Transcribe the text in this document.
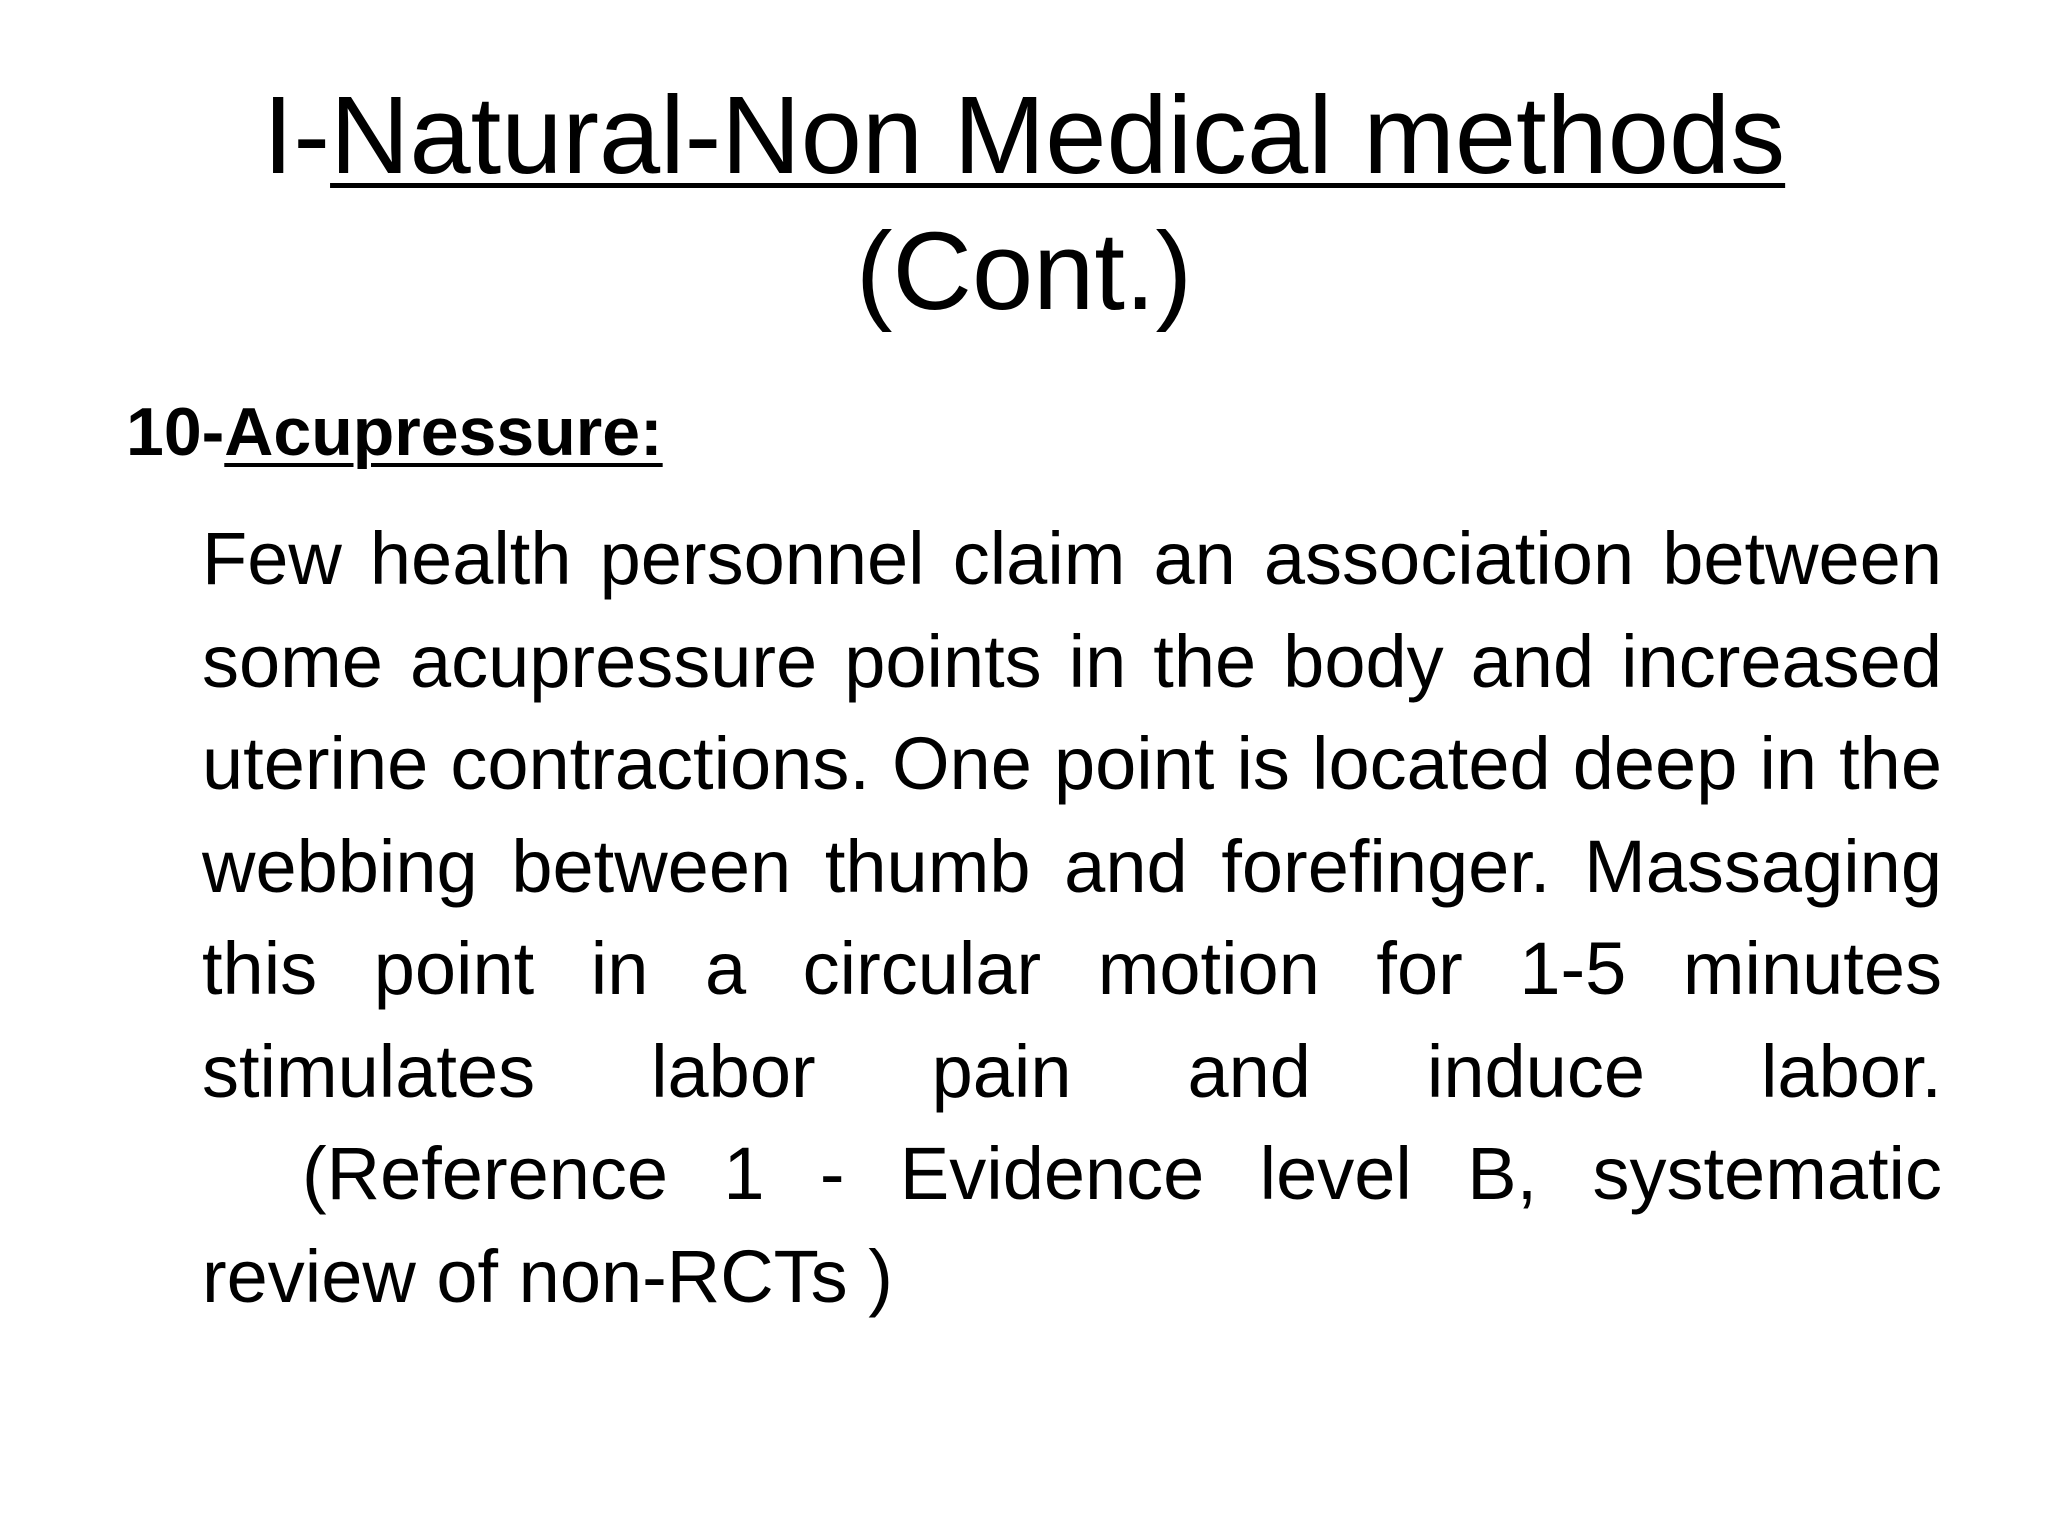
I-Natural-Non Medical methods
(Cont.)

10-Acupressure:

Few health personnel claim an association between some acupressure points in the body and increased uterine contractions. One point is located deep in the webbing between thumb and forefinger. Massaging this point in a circular motion for 1-5 minutes stimulates labor pain and induce labor. (Reference 1 - Evidence level B, systematic review of non-RCTs )
